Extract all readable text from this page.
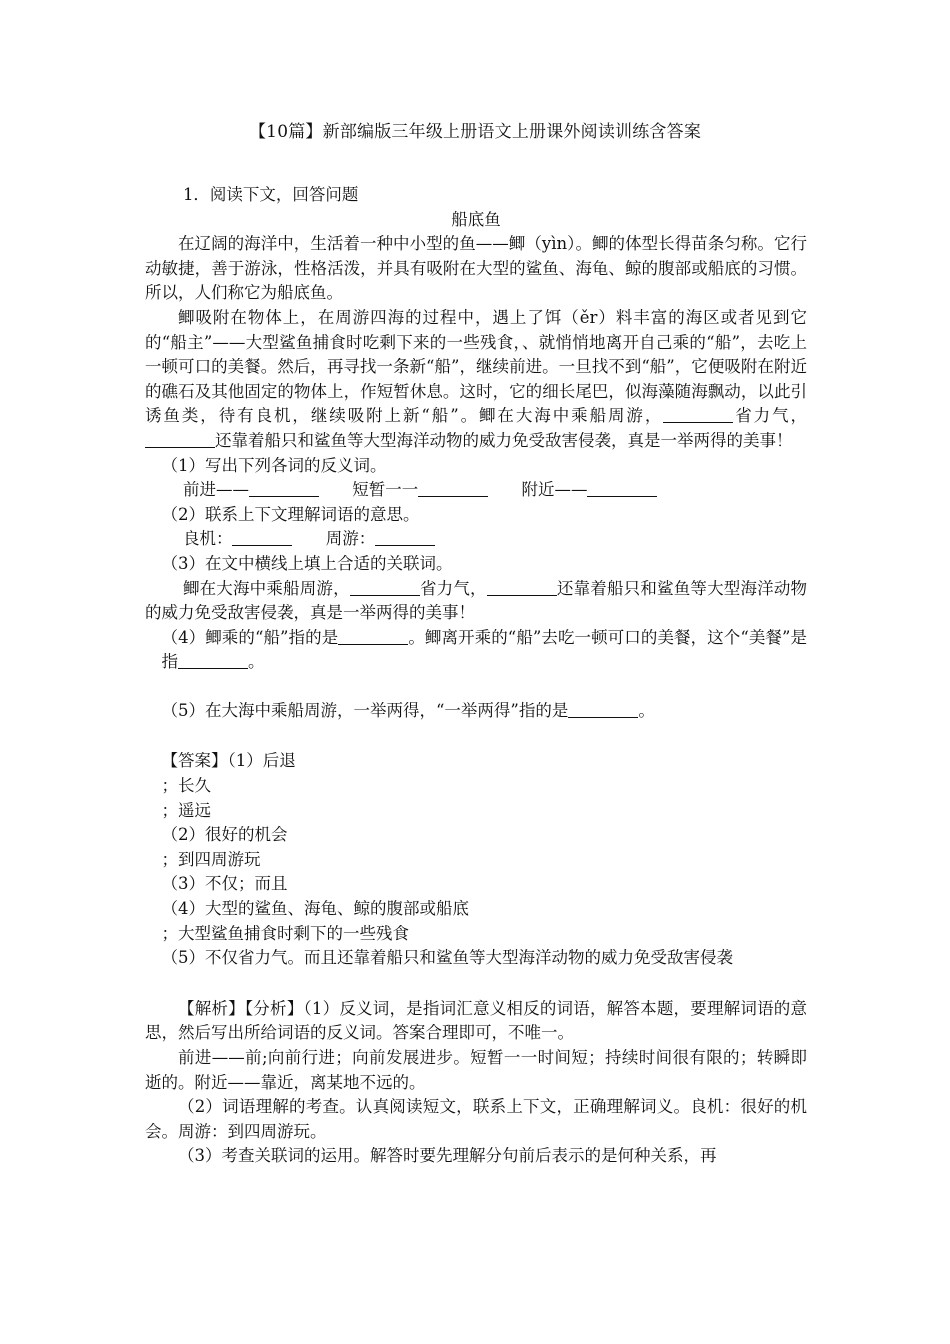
【10篇】新部编版三年级上册语文上册课外阅读训练含答案

1．阅读下文，回答问题

船底鱼

在辽阔的海洋中，生活着一种中小型的鱼——鲫（yìn）。鲫的体型长得苗条匀称。它行动敏捷，善于游泳，性格活泼，并具有吸附在大型的鲨鱼、海龟、鲸的腹部或船底的习惯。所以，人们称它为船底鱼。

鲫吸附在物体上，在周游四海的过程中，遇上了饵（ěr）料丰富的海区或者见到它的“船主”——大型鲨鱼捕食时吃剩下来的一些残食，、就悄悄地离开自己乘的“船”，去吃上一顿可口的美餐。然后，再寻找一条新“船”，继续前进。一旦找不到“船”，它便吸附在附近的礁石及其他固定的物体上，作短暂休息。这时，它的细长尾巴，似海藻随海飘动，以此引诱鱼类，待有良机，继续吸附上新“船”。鲫在大海中乘船周游，	省力气，还靠着船只和鲨鱼等大型海洋动物的威力免受敌害侵袭，真是一举两得的美事！

（1）写出下列各词的反义词。

前进——	短暂一一	附近——

（2）联系上下文理解词语的意思。

良机：	周游：

（3）在文中横线上填上合适的关联词。

鲫在大海中乘船周游，	省力气，	还靠着船只和鲨鱼等大型海洋动物的威力免受敌害侵袭，真是一举两得的美事！

（4）鲫乘的“船”指的是	。鲫离开乘的“船”去吃一顿可口的美餐，这个“美餐”是指	。

（5）在大海中乘船周游，一举两得，“一举两得”指的是	。

【答案】（1）后退

；长久

；遥远

（2）很好的机会

；到四周游玩

（3）不仅；而且

（4）大型的鲨鱼、海龟、鲸的腹部或船底

；大型鲨鱼捕食时剩下的一些残食

（5）不仅省力气。而且还靠着船只和鲨鱼等大型海洋动物的威力免受敌害侵袭

【解析】【分析】（1）反义词，是指词汇意义相反的词语，解答本题，要理解词语的意思，然后写出所给词语的反义词。答案合理即可，不唯一。

前进——前;向前行进；向前发展进步。短暂一一时间短；持续时间很有限的；转瞬即逝的。附近——靠近，离某地不远的。

（2）词语理解的考查。认真阅读短文，联系上下文，正确理解词义。良机：很好的机会。周游：到四周游玩。

（3）考查关联词的运用。解答时要先理解分句前后表示的是何种关系，再
